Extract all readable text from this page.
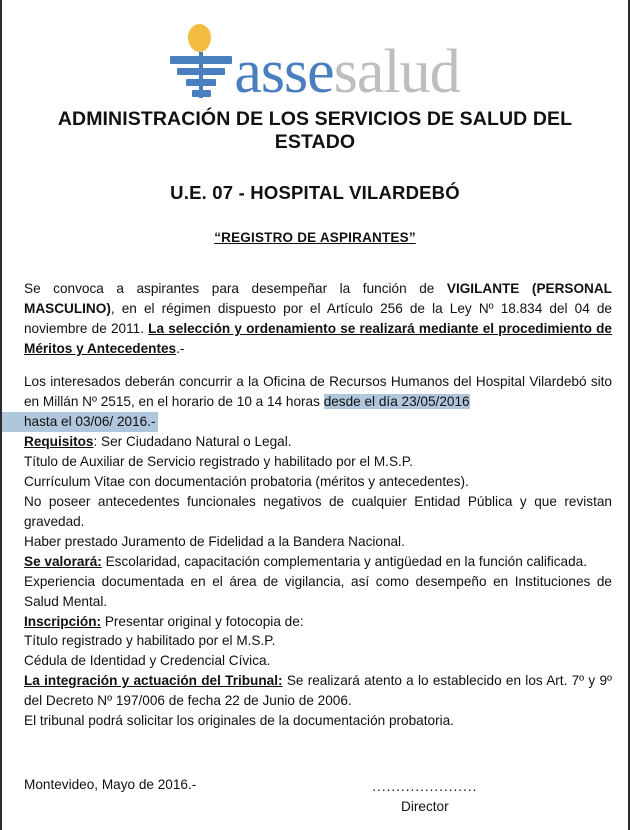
assesalud
ADMINISTRACIÓN DE LOS SERVICIOS DE SALUD DEL ESTADO
U.E. 07 - HOSPITAL VILARDEBÓ
“REGISTRO DE ASPIRANTES”

Se convoca a aspirantes para desempeñar la función de VIGILANTE (PERSONAL MASCULINO), en el régimen dispuesto por el Artículo 256 de la Ley Nº 18.834 del 04 de noviembre de 2011. La selección y ordenamiento se realizará mediante el procedimiento de Méritos y Antecedentes.-

Los interesados deberán concurrir a la Oficina de Recursos Humanos del Hospital Vilardebó sito en Millán Nº 2515, en el horario de 10 a 14 horas desde el día 23/05/2016

hasta el 03/06/ 2016.-

Requisitos: Ser Ciudadano Natural o Legal.

Título de Auxiliar de Servicio registrado y habilitado por el M.S.P.

Currículum Vitae con documentación probatoria (méritos y antecedentes).

No poseer antecedentes funcionales negativos de cualquier Entidad Pública y que revistan gravedad.

Haber prestado Juramento de Fidelidad a la Bandera Nacional.

Se valorará: Escolaridad, capacitación complementaria y antigüedad en la función calificada.

Experiencia documentada en el área de vigilancia, así como desempeño en Instituciones de Salud Mental.

Inscripción: Presentar original y fotocopia de:

Título registrado y habilitado por el M.S.P.

Cédula de Identidad y Credencial Cívica.

La integración y actuación del Tribunal: Se realizará atento a lo establecido en los Art. 7º y 9º del Decreto Nº 197/006 de fecha 22 de Junio de 2006.

El tribunal podrá solicitar los originales de la documentación probatoria.

Montevideo, Mayo de 2016.-	......................
Director
